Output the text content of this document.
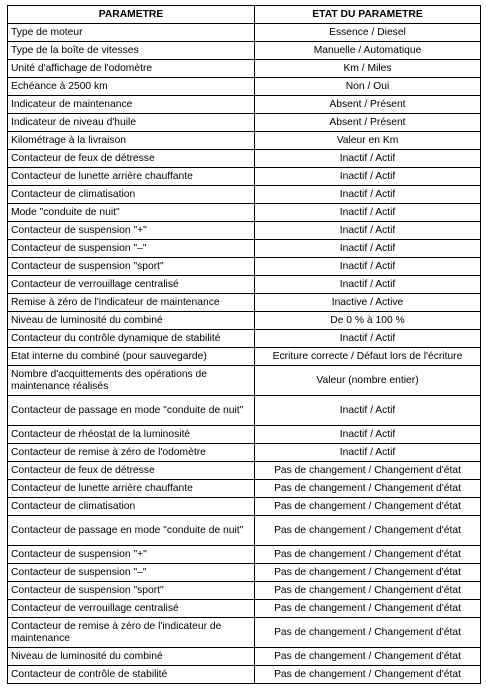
PARAMETRE	ETAT DU PARAMETRE
Type de moteur	Essence / Diesel
Type de la boîte de vitesses	Manuelle / Automatique
Unité d'affichage de l'odomètre	Km / Miles
Echéance à 2500 km	Non / Oui
Indicateur de maintenance	Absent / Présent
Indicateur de niveau d'huile	Absent / Présent
Kilométrage à la livraison	Valeur en Km
Contacteur de feux de détresse	Inactif / Actif
Contacteur de lunette arrière chauffante	Inactif / Actif
Contacteur de climatisation	Inactif / Actif
Mode "conduite de nuit"	Inactif / Actif
Contacteur de suspension "+"	Inactif / Actif
Contacteur de suspension "–"	Inactif / Actif
Contacteur de suspension "sport"	Inactif / Actif
Contacteur de verrouillage centralisé	Inactif / Actif
Remise à zéro de l'indicateur de maintenance	Inactive / Active
Niveau de luminosité du combiné	De 0 % à 100 %
Contacteur du contrôle dynamique de stabilité	Inactif / Actif
Etat interne du combiné (pour sauvegarde)	Ecriture correcte / Défaut lors de l'écriture
Nombre d'acquittements des opérations de maintenance réalisés	Valeur (nombre entier)
Contacteur de passage en mode "conduite de nuit"	Inactif / Actif
Contacteur de rhéostat de la luminosité	Inactif / Actif
Contacteur de remise à zéro de l'odomètre	Inactif / Actif
Contacteur de feux de détresse	Pas de changement / Changement d'état
Contacteur de lunette arrière chauffante	Pas de changement / Changement d'état
Contacteur de climatisation	Pas de changement / Changement d'état
Contacteur de passage en mode "conduite de nuit"	Pas de changement / Changement d'état
Contacteur de suspension "+"	Pas de changement / Changement d'état
Contacteur de suspension "–"	Pas de changement / Changement d'état
Contacteur de suspension "sport"	Pas de changement / Changement d'état
Contacteur de verrouillage centralisé	Pas de changement / Changement d'état
Contacteur de remise à zéro de l'indicateur de maintenance	Pas de changement / Changement d'état
Niveau de luminosité du combiné	Pas de changement / Changement d'état
Contacteur de contrôle de stabilité	Pas de changement / Changement d'état
